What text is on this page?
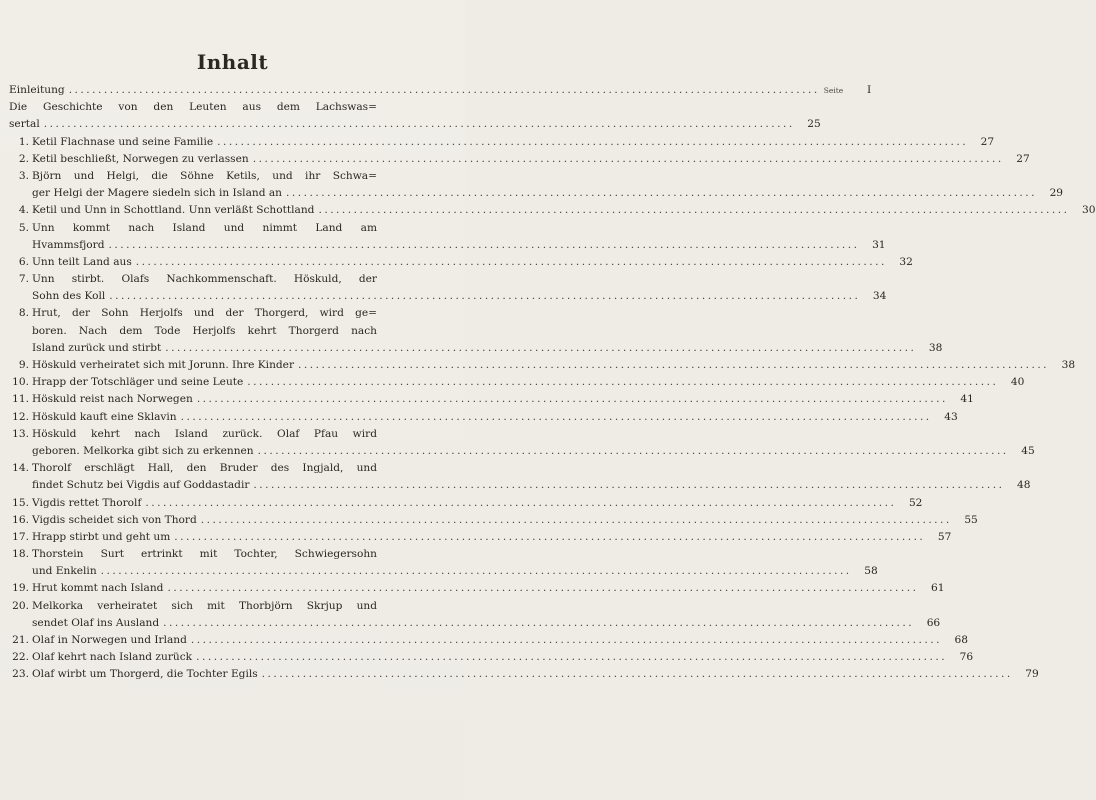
Inhalt
Einleitung .....	Seite	I
Die Geschichte von den Leuten aus dem Lachswas=
sertal .....	25
1. Ketil Flachnase und seine Familie .....	27
2. Ketil beschließt, Norwegen zu verlassen .....	27
3. Björn und Helgi, die Söhne Ketils, und ihr Schwa=
ger Helgi der Magere siedeln sich in Island an .....	29
4. Ketil und Unn in Schottland. Unn verläßt Schottland .....	30
5. Unn kommt nach Island und nimmt Land am
Hvammsfjord .....	31
6. Unn teilt Land aus .....	32
7. Unn stirbt. Olafs Nachkommenschaft. Höskuld, der
Sohn des Koll .....	34
8. Hrut, der Sohn Herjolfs und der Thorgerd, wird ge=
boren. Nach dem Tode Herjolfs kehrt Thorgerd nach
Island zurück und stirbt .....	38
9. Höskuld verheiratet sich mit Jorunn. Ihre Kinder .....	38
10. Hrapp der Totschläger und seine Leute .....	40
11. Höskuld reist nach Norwegen .....	41
12. Höskuld kauft eine Sklavin .....	43
13. Höskuld kehrt nach Island zurück. Olaf Pfau wird
geboren. Melkorka gibt sich zu erkennen .....	45
14. Thorolf erschlägt Hall, den Bruder des Ingjald, und
findet Schutz bei Vigdis auf Goddastadir .....	48
15. Vigdis rettet Thorolf .....	52
16. Vigdis scheidet sich von Thord .....	55
17. Hrapp stirbt und geht um .....	57
18. Thorstein Surt ertrinkt mit Tochter, Schwiegersohn
und Enkelin .....	58
19. Hrut kommt nach Island .....	61
20. Melkorka verheiratet sich mit Thorbjörn Skrjup und
sendet Olaf ins Ausland .....	66
21. Olaf in Norwegen und Irland .....	68
22. Olaf kehrt nach Island zurück .....	76
23. Olaf wirbt um Thorgerd, die Tochter Egils .....	79
